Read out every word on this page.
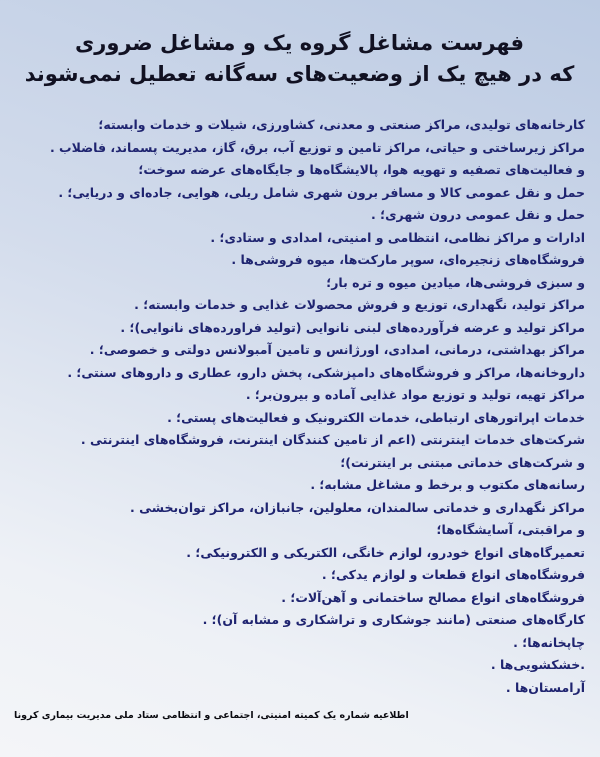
فهرست مشاغل گروه یک و مشاغل ضروری
که در هیچ یک از وضعیت‌های سه‌گانه تعطیل نمی‌شوند
کارخانه‌های تولیدی، مراکز صنعتی و معدنی، کشاورزی، شیلات و خدمات وابسته؛
مراکز زیرساختی و حیاتی، مراکز تامین و توزیع آب، برق، گاز، مدیریت پسماند، فاضلاب .
و فعالیت‌های تصفیه و تهویه هوا، پالایشگاه‌ها و جایگاه‌های عرضه سوخت؛
حمل و نقل عمومی کالا و مسافر برون شهری شامل ریلی، هوایی، جاده‌ای و دریایی؛ .
حمل و نقل عمومی درون شهری؛ .
ادارات و مراکز نظامی، انتظامی و امنیتی، امدادی و ستادی؛ .
فروشگاه‌های زنجیره‌ای، سوپر مارکت‌ها، میوه فروشی‌ها .
و سبزی فروشی‌ها، میادین میوه و تره بار؛
مراکز تولید، نگهداری، توزیع و فروش محصولات غذایی و خدمات وابسته؛ .
مراکز تولید و عرضه فرآورده‌های لبنی نانوایی (تولید فراورده‌های نانوایی)؛ .
مراکز بهداشتی، درمانی، امدادی، اورژانس و تامین آمبولانس دولتی و خصوصی؛ .
داروخانه‌ها، مراکز و فروشگاه‌های دامپزشکی، پخش دارو، عطاری و داروهای سنتی؛ .
مراکز تهیه، تولید و توزیع مواد غذایی آماده و بیرون‌بر؛ .
خدمات اپراتورهای ارتباطی، خدمات الکترونیک و فعالیت‌های پستی؛ .
شرکت‌های خدمات اینترنتی (اعم از تامین کنندگان اینترنت، فروشگاه‌های اینترنتی .
و شرکت‌های خدماتی مبتنی بر اینترنت)؛
رسانه‌های مکتوب و برخط و مشاغل مشابه؛ .
مراکز نگهداری و خدماتی سالمندان، معلولین، جانبازان، مراکز توان‌بخشی .
و مراقبتی، آسایشگاه‌ها؛
تعمیرگاه‌های انواع خودرو، لوازم خانگی، الکتریکی و الکترونیکی؛ .
فروشگاه‌های انواع قطعات و لوازم یدکی؛ .
فروشگاه‌های انواع مصالح ساختمانی و آهن‌آلات؛ .
کارگاه‌های صنعتی (مانند جوشکاری و تراشکاری و مشابه آن)؛ .
چاپخانه‌ها؛ .
.خشکشویی‌ها .
آرامستان‌ها .
اطلاعیه شماره یک کمیته امنیتی، اجتماعی و انتظامی ستاد ملی مدیریت بیماری کرونا
